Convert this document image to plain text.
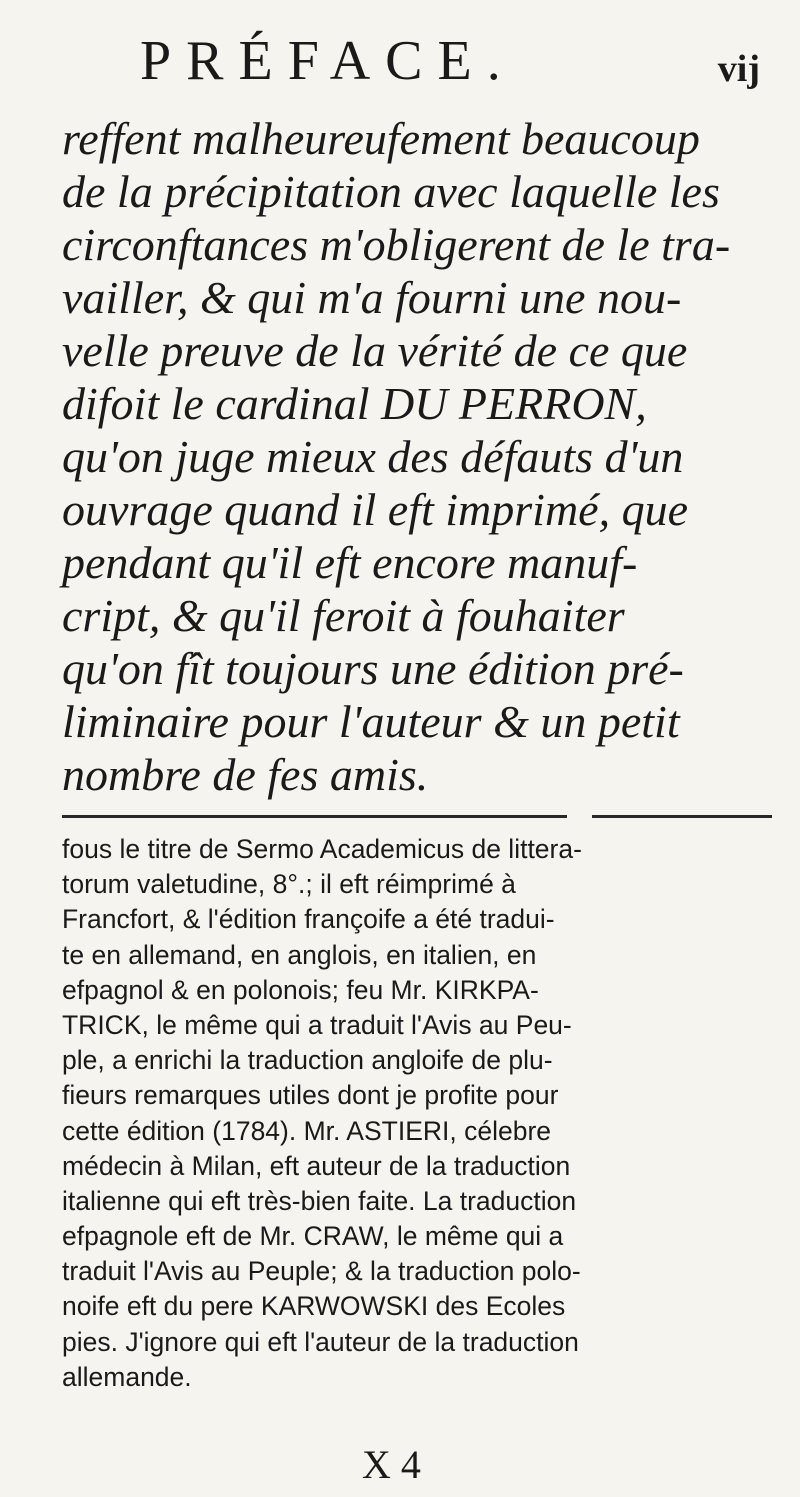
PRÉFACE.	vij
reffent malheureufement beaucoup
de la précipitation avec laquelle les
circonftances m'obligerent de le tra-
vailler, & qui m'a fourni une nou-
velle preuve de la vérité de ce que
difoit le cardinal DU PERRON,
qu'on juge mieux des défauts d'un
ouvrage quand il eft imprimé, que
pendant qu'il eft encore manuf-
cript, & qu'il feroit à fouhaiter
qu'on fît toujours une édition pré-
liminaire pour l'auteur & un petit
nombre de fes amis.
fous le titre de Sermo Academicus de littera-
torum valetudine, 8°.; il eft réimprimé à
Francfort, & l'édition françoife a été tradui-
te en allemand, en anglois, en italien, en
efpagnol & en polonois; feu Mr. KIRKPA-
TRICK, le même qui a traduit l'Avis au Peu-
ple, a enrichi la traduction angloife de plu-
fieurs remarques utiles dont je profite pour
cette édition (1784). Mr. ASTIERI, célebre
médecin à Milan, eft auteur de la traduction
italienne qui eft très-bien faite. La traduction
efpagnole eft de Mr. CRAW, le même qui a
traduit l'Avis au Peuple; & la traduction polo-
noife eft du pere KARWOWSKI des Ecoles
pies. J'ignore qui eft l'auteur de la traduction
allemande.
X 4
